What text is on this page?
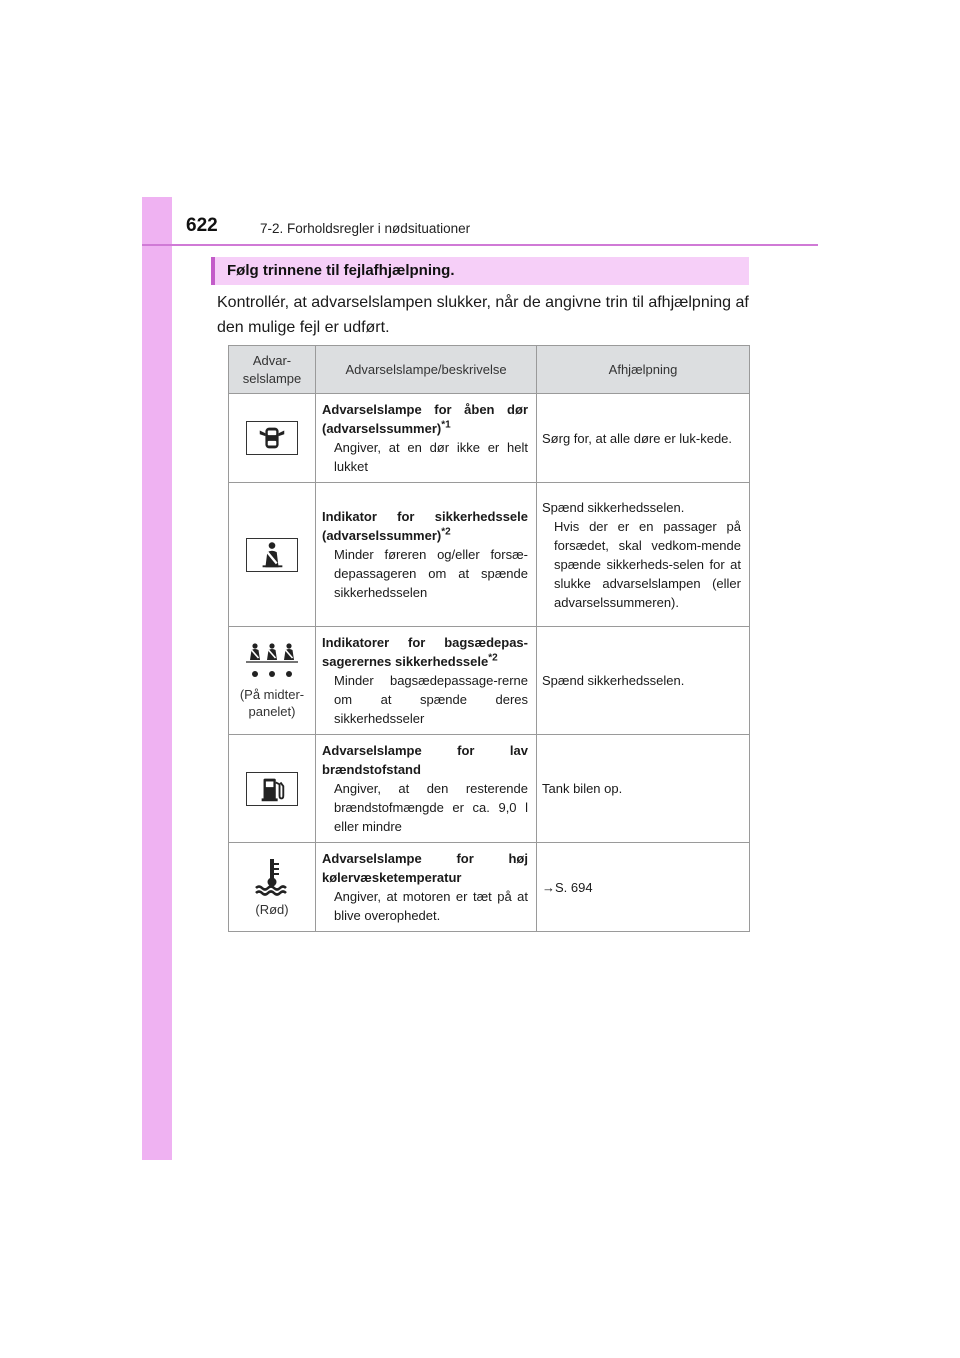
622	7-2. Forholdsregler i nødsituationer
Følg trinnene til fejlafhjælpning.
Kontrollér, at advarselslampen slukker, når de angivne trin til afhjælpning af den mulige fejl er udført.
Advar-
selslampe	Advarselslampe/beskrivelse	Afhjælpning

	Advarselslampe for åben dør (advarselssummer)$^{*1}$
Angiver, at en dør ikke er helt lukket	Sørg for, at alle døre er luk-kede.

	Indikator for sikkerhedssele (advarselssummer)$^{*2}$
Minder føreren og/eller forsæ-depassageren om at spænde sikkerhedsselen	Spænd sikkerhedsselen.
Hvis der er en passager på forsædet, skal vedkom-mende spænde sikkerheds-selen for at slukke advarselslampen (eller advarselssummeren).

(På midter-panelet)	Indikatorer for bagsædepas-sagerernes sikkerhedssele$^{*2}$
Minder bagsædepassage-rerne om at spænde deres sikkerhedsseler	Spænd sikkerhedsselen.

	Advarselslampe for lav brændstofstand
Angiver, at den resterende brændstofmængde er ca. 9,0 l eller mindre	Tank bilen op.

(Rød)	Advarselslampe for høj kølervæsketemperatur
Angiver, at motoren er tæt på at blive overophedet.	→S. 694
